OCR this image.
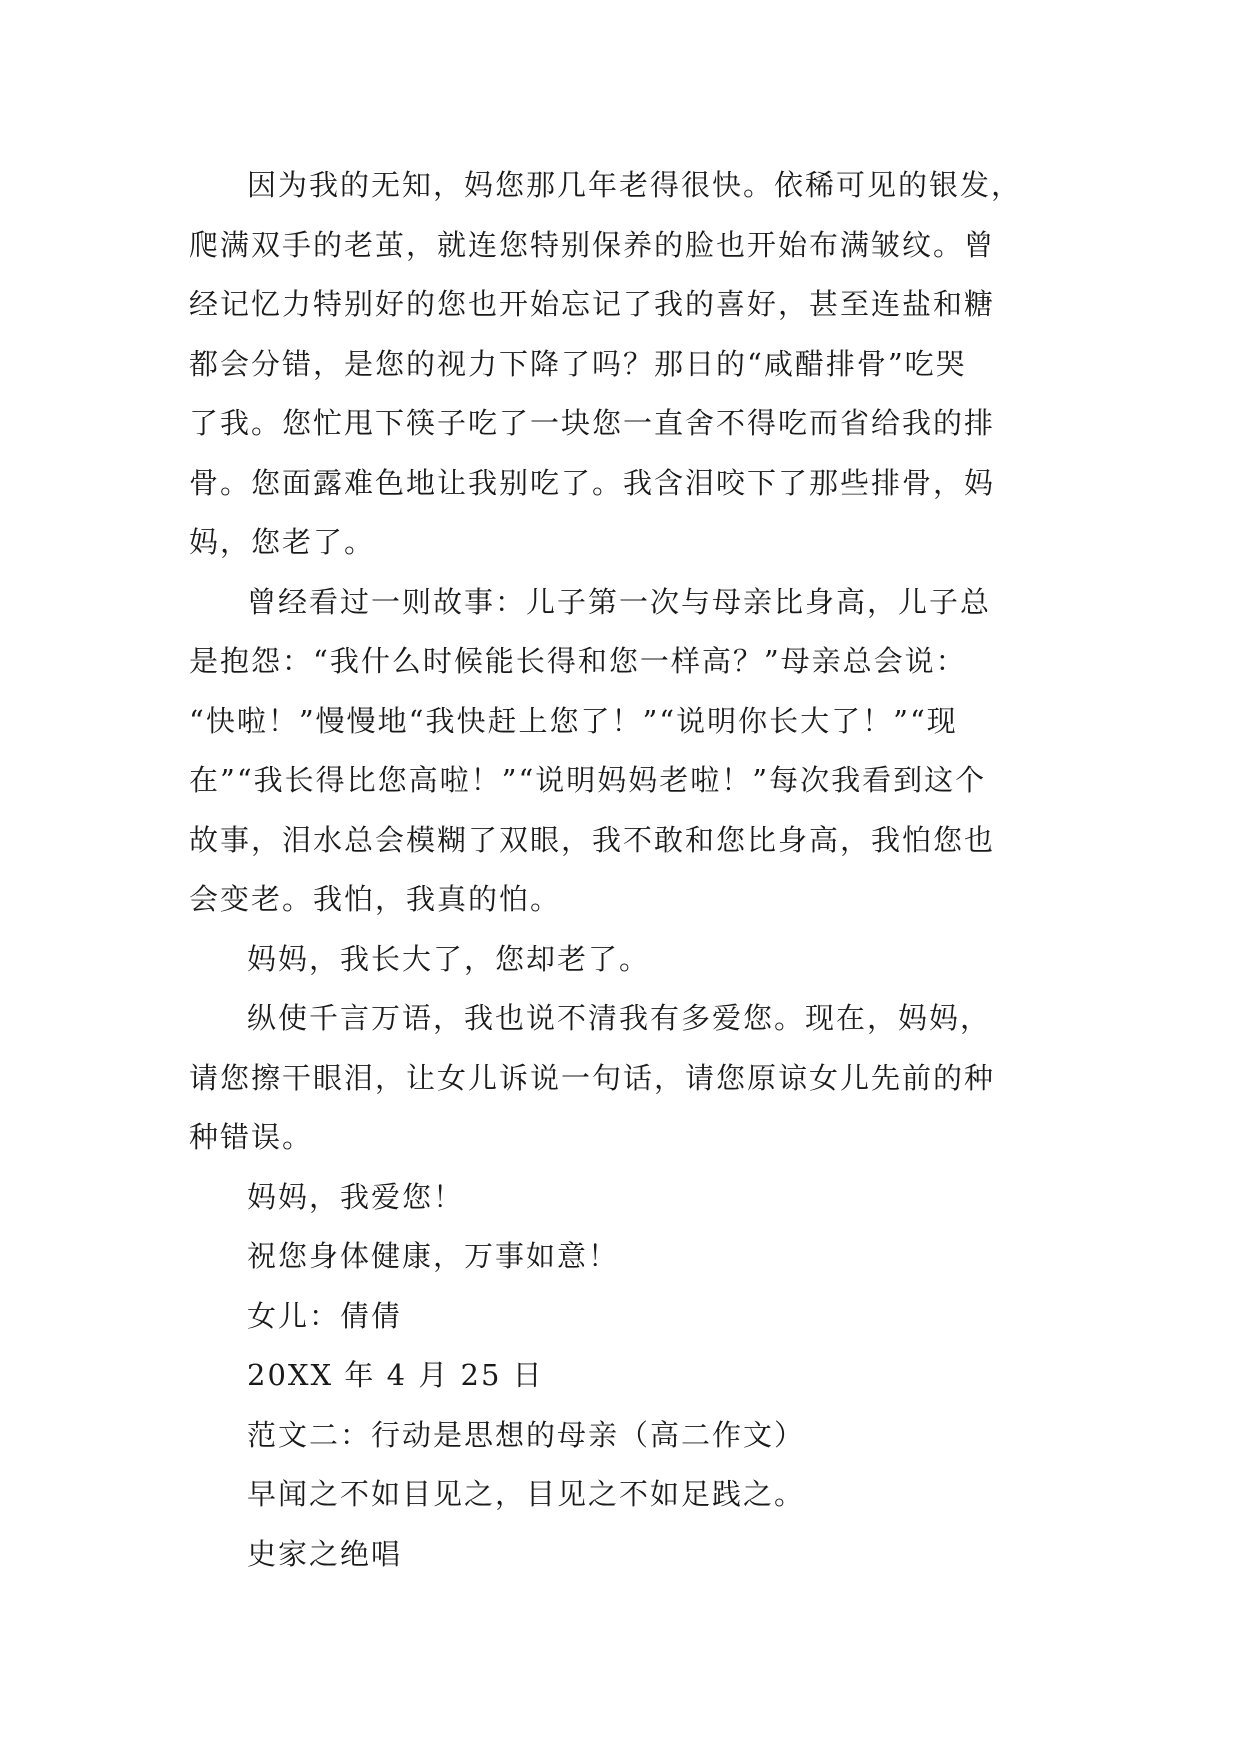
因为我的无知，妈您那几年老得很快。依稀可见的银发，
爬满双手的老茧，就连您特别保养的脸也开始布满皱纹。曾
经记忆力特别好的您也开始忘记了我的喜好，甚至连盐和糖
都会分错，是您的视力下降了吗？那日的“咸醋排骨”吃哭
了我。您忙甩下筷子吃了一块您一直舍不得吃而省给我的排
骨。您面露难色地让我别吃了。我含泪咬下了那些排骨，妈
妈，您老了。

曾经看过一则故事：儿子第一次与母亲比身高，儿子总
是抱怨：“我什么时候能长得和您一样高？”母亲总会说：
“快啦！”慢慢地“我快赶上您了！”“说明你长大了！”“现
在”“我长得比您高啦！”“说明妈妈老啦！”每次我看到这个
故事，泪水总会模糊了双眼，我不敢和您比身高，我怕您也
会变老。我怕，我真的怕。

妈妈，我长大了，您却老了。

纵使千言万语，我也说不清我有多爱您。现在，妈妈，
请您擦干眼泪，让女儿诉说一句话，请您原谅女儿先前的种
种错误。

妈妈，我爱您！

祝您身体健康，万事如意！

女儿：倩倩

20XX 年 4 月 25 日

范文二：行动是思想的母亲（高二作文）

早闻之不如目见之，目见之不如足践之。

史家之绝唱
